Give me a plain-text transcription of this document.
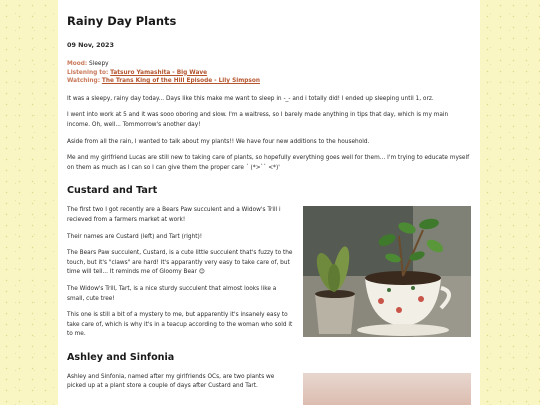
Rainy Day Plants
09 Nov, 2023
Mood: Sleepy
Listening to: Tatsuro Yamashita - Big Wave
Watching: The Trans King of the Hill Episode - Lily Simpson

It was a sleepy, rainy day today... Days like this make me want to sleep in -_- and i totally did! I ended up sleeping until 1, orz.

I went into work at 5 and it was sooo oboring and slow. I'm a waitress, so I barely made anything in tips that day, which is my main income. Oh, well... Tommorrow's another day!

Aside from all the rain, I wanted to talk about my plants!! We have four new additions to the household.

Me and my girlfriend Lucas are still new to taking care of plants, so hopefully everything goes well for them... I'm trying to educate myself on them as much as I can so I can give them the proper care ´ (*>`` <*)'

Custard and Tart

The first two I got recently are a Bears Paw succulent and a Widow's Trill i recieved from a farmers market at work!

Their names are Custard (left) and Tart (right)!

The Bears Paw succulent, Custard, is a cute little succulent that's fuzzy to the touch, but it's "claws" are hard! It's apparantly very easy to take care of, but time will tell... It reminds me of Gloomy Bear 😊

The Widow's Trill, Tart, is a nice sturdy succulent that almost looks like a small, cute tree!

This one is still a bit of a mystery to me, but apparently it's insanely easy to take care of, which is why it's in a teacup according to the woman who sold it to me.

Ashley and Sinfonia

Ashley and Sinfonia, named after my girlfriends OCs, are two plants we picked up at a plant store a couple of days after Custard and Tart.
